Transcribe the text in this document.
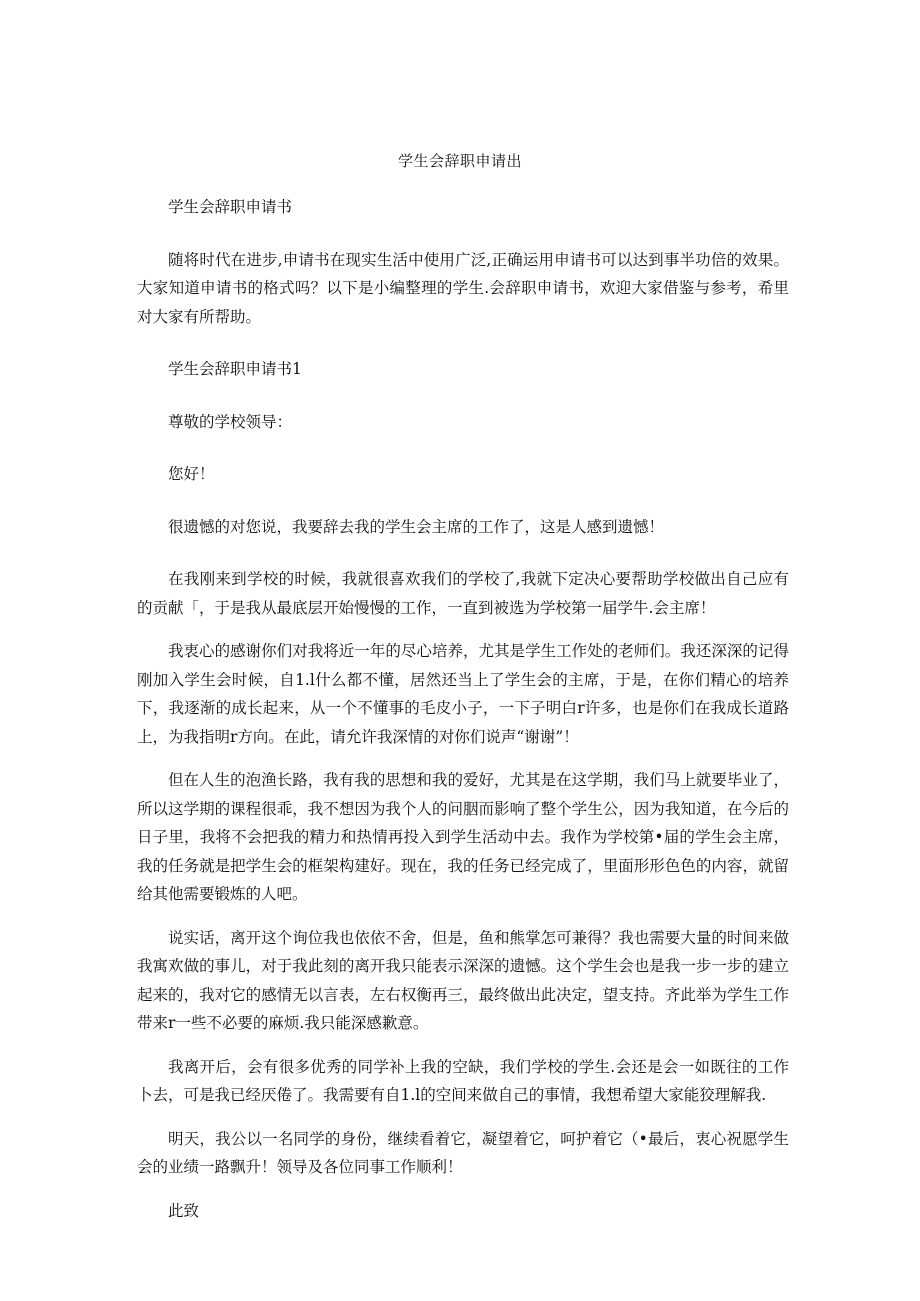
学生会辞职申请出

学生会辞职申请书

随将时代在进步,申请书在现实生活中使用广泛,正确运用申请书可以达到事半功倍的效果。大家知道申请书的格式吗？以下是小编整理的学生.会辞职申请书，欢迎大家借鉴与参考，希里对大家有所帮助。

学生会辞职申请书1

尊敬的学校领导：

您好！

很遗憾的对您说，我要辞去我的学生会主席的工作了，这是人感到遗憾！

在我刚来到学校的时候，我就很喜欢我们的学校了,我就下定决心要帮助学校做出自己应有的贡献「，于是我从最底层开始慢慢的工作，一直到被选为学校第一届学牛.会主席！

我衷心的感谢你们对我将近一年的尽心培养，尤其是学生工作处的老师们。我还深深的记得刚加入学生会时候，自1.l什么都不懂，居然还当上了学生会的主席，于是，在你们精心的培养下，我逐渐的成长起来，从一个不懂事的毛皮小子，一下子明白r许多，也是你们在我成长道路上，为我指明r方向。在此，请允许我深情的对你们说声“谢谢”！

但在人生的泡渔长路，我有我的思想和我的爱好，尤其是在这学期，我们马上就要毕业了，所以这学期的课程很乖，我不想因为我个人的问胭而影响了整个学生公，因为我知道，在今后的日子里，我将不会把我的精力和热情再投入到学生活动中去。我作为学校第•届的学生会主席，我的任务就是把学生会的框架构建好。现在，我的任务已经完成了，里面形形色色的内容，就留给其他需要锻炼的人吧。

说实话，离开这个询位我也依依不舍，但是，鱼和熊掌怎可兼得？我也需要大量的时间来做我寓欢做的事儿，对于我此刻的离开我只能表示深深的遗憾。这个学生会也是我一步一步的建立起来的，我对它的感情无以言表，左右权衡再三，最终做出此决定，望支持。齐此举为学生工作带来r一些不必要的麻烦.我只能深感歉意。

我离开后，会有很多优秀的同学补上我的空缺，我们学校的学生.会还是会一如既往的工作卜去，可是我已经厌倦了。我需要有自1.l的空间来做自己的事情，我想希望大家能狡理解我.

明天，我公以一名同学的身份，继续看着它，凝望着它，呵护着它（•最后，衷心祝愿学生会的业绩一路飘升！领导及各位同事工作顺利！

此致
